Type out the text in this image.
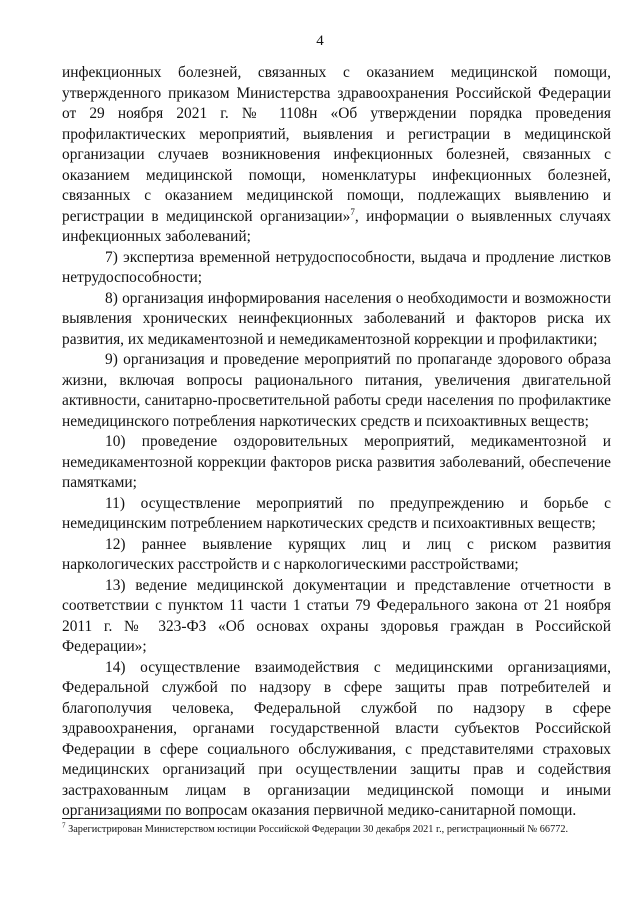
4

инфекционных болезней, связанных с оказанием медицинской помощи, утвержденного приказом Министерства здравоохранения Российской Федерации от 29 ноября 2021 г. № 1108н «Об утверждении порядка проведения профилактических мероприятий, выявления и регистрации в медицинской организации случаев возникновения инфекционных болезней, связанных с оказанием медицинской помощи, номенклатуры инфекционных болезней, связанных с оказанием медицинской помощи, подлежащих выявлению и регистрации в медицинской организации»$^7$, информации о выявленных случаях инфекционных заболеваний;

7) экспертиза временной нетрудоспособности, выдача и продление листков нетрудоспособности;

8) организация информирования населения о необходимости и возможности выявления хронических неинфекционных заболеваний и факторов риска их развития, их медикаментозной и немедикаментозной коррекции и профилактики;

9) организация и проведение мероприятий по пропаганде здорового образа жизни, включая вопросы рационального питания, увеличения двигательной активности, санитарно-просветительной работы среди населения по профилактике немедицинского потребления наркотических средств и психоактивных веществ;

10) проведение оздоровительных мероприятий, медикаментозной и немедикаментозной коррекции факторов риска развития заболеваний, обеспечение памятками;

11) осуществление мероприятий по предупреждению и борьбе с немедицинским потреблением наркотических средств и психоактивных веществ;

12) раннее выявление курящих лиц и лиц с риском развития наркологических расстройств и с наркологическими расстройствами;

13) ведение медицинской документации и представление отчетности в соответствии с пунктом 11 части 1 статьи 79 Федерального закона от 21 ноября 2011 г. № 323-ФЗ «Об основах охраны здоровья граждан в Российской Федерации»;

14) осуществление взаимодействия с медицинскими организациями, Федеральной службой по надзору в сфере защиты прав потребителей и благополучия человека, Федеральной службой по надзору в сфере здравоохранения, органами государственной власти субъектов Российской Федерации в сфере социального обслуживания, с представителями страховых медицинских организаций при осуществлении защиты прав и содействия застрахованным лицам в организации медицинской помощи и иными организациями по вопросам оказания первичной медико-санитарной помощи.

$^7$ Зарегистрирован Министерством юстиции Российской Федерации 30 декабря 2021 г., регистрационный № 66772.
